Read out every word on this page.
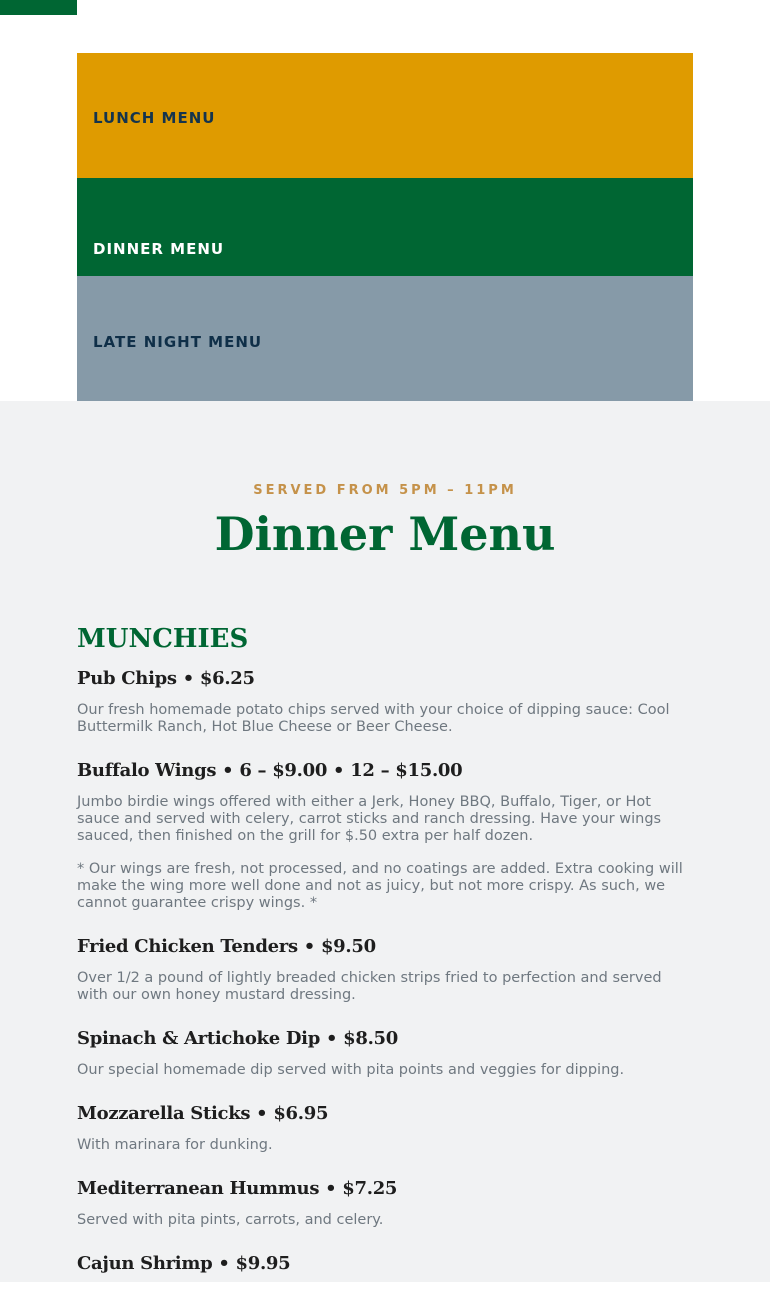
LUNCH MENU
DINNER MENU
LATE NIGHT MENU
SERVED FROM 5PM – 11PM
Dinner Menu
MUNCHIES
Pub Chips • $6.25

Our fresh homemade potato chips served with your choice of dipping sauce: Cool Buttermilk Ranch, Hot Blue Cheese or Beer Cheese.

Buffalo Wings • 6 – $9.00 • 12 – $15.00

Jumbo birdie wings offered with either a Jerk, Honey BBQ, Buffalo, Tiger, or Hot sauce and served with celery, carrot sticks and ranch dressing. Have your wings sauced, then finished on the grill for $.50 extra per half dozen.

* Our wings are fresh, not processed, and no coatings are added. Extra cooking will make the wing more well done and not as juicy, but not more crispy. As such, we cannot guarantee crispy wings. *

Fried Chicken Tenders • $9.50

Over 1/2 a pound of lightly breaded chicken strips fried to perfection and served with our own honey mustard dressing.

Spinach & Artichoke Dip • $8.50

Our special homemade dip served with pita points and veggies for dipping.

Mozzarella Sticks • $6.95

With marinara for dunking.

Mediterranean Hummus • $7.25

Served with pita pints, carrots, and celery.

Cajun Shrimp • $9.95
